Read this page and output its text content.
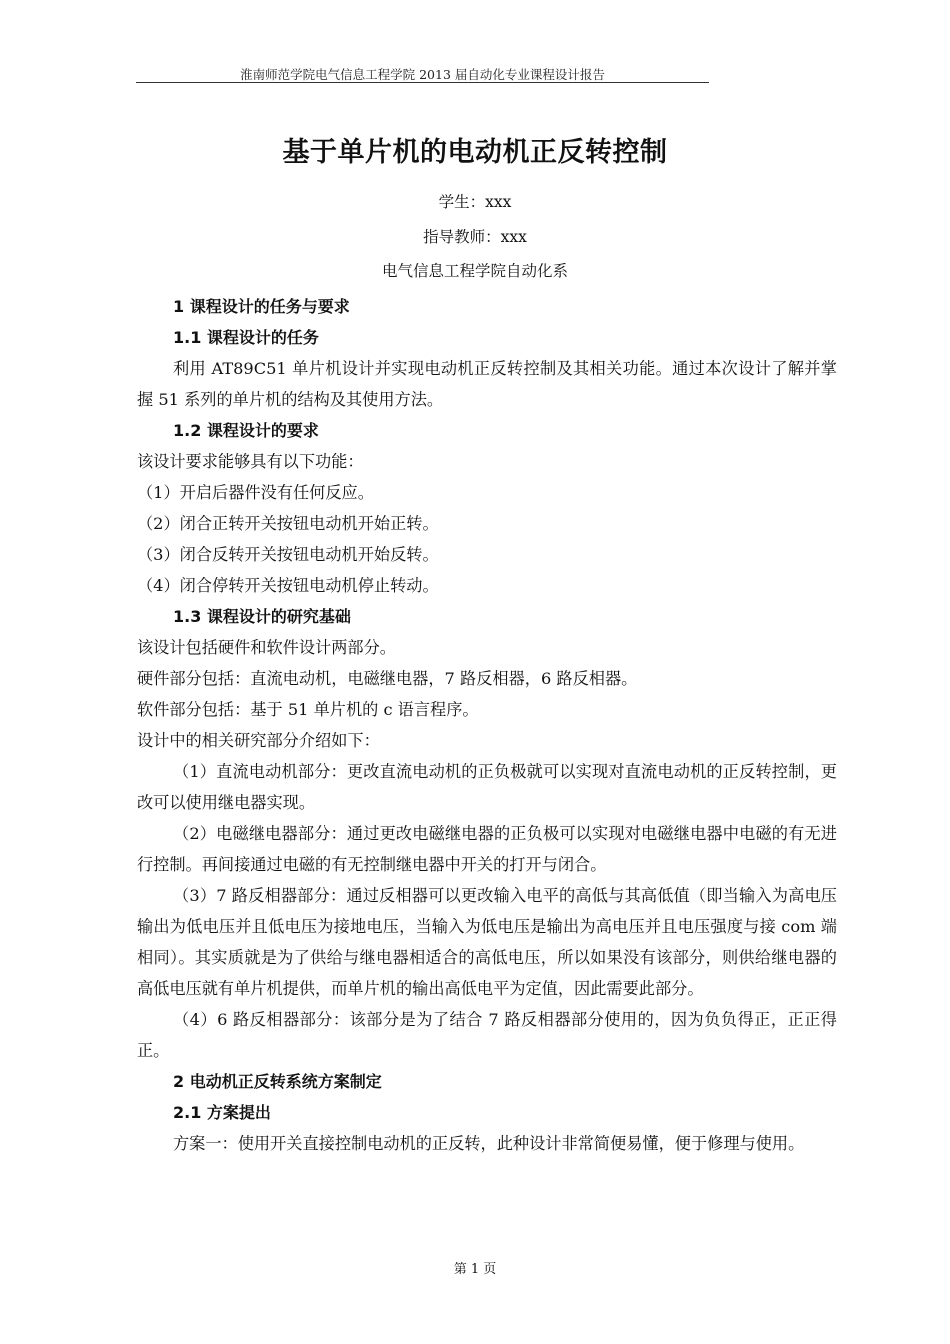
淮南师范学院电气信息工程学院 2013 届自动化专业课程设计报告
基于单片机的电动机正反转控制
学生：xxx
指导教师：xxx
电气信息工程学院自动化系

1 课程设计的任务与要求

1.1 课程设计的任务

利用 AT89C51 单片机设计并实现电动机正反转控制及其相关功能。通过本次设计了解并掌握 51 系列的单片机的结构及其使用方法。

1.2 课程设计的要求

该设计要求能够具有以下功能：

（1）开启后器件没有任何反应。

（2）闭合正转开关按钮电动机开始正转。

（3）闭合反转开关按钮电动机开始反转。

（4）闭合停转开关按钮电动机停止转动。

1.3 课程设计的研究基础

该设计包括硬件和软件设计两部分。

硬件部分包括：直流电动机，电磁继电器，7 路反相器，6 路反相器。

软件部分包括：基于 51 单片机的 c 语言程序。

设计中的相关研究部分介绍如下：

（1）直流电动机部分：更改直流电动机的正负极就可以实现对直流电动机的正反转控制，更改可以使用继电器实现。

（2）电磁继电器部分：通过更改电磁继电器的正负极可以实现对电磁继电器中电磁的有无进行控制。再间接通过电磁的有无控制继电器中开关的打开与闭合。

（3）7 路反相器部分：通过反相器可以更改输入电平的高低与其高低值（即当输入为高电压输出为低电压并且低电压为接地电压，当输入为低电压是输出为高电压并且电压强度与接 com 端相同）。其实质就是为了供给与继电器相适合的高低电压，所以如果没有该部分，则供给继电器的高低电压就有单片机提供，而单片机的输出高低电平为定值，因此需要此部分。

（4）6 路反相器部分：该部分是为了结合 7 路反相器部分使用的，因为负负得正，正正得正。

2 电动机正反转系统方案制定

2.1 方案提出

方案一：使用开关直接控制电动机的正反转，此种设计非常简便易懂，便于修理与使用。

第 1 页
